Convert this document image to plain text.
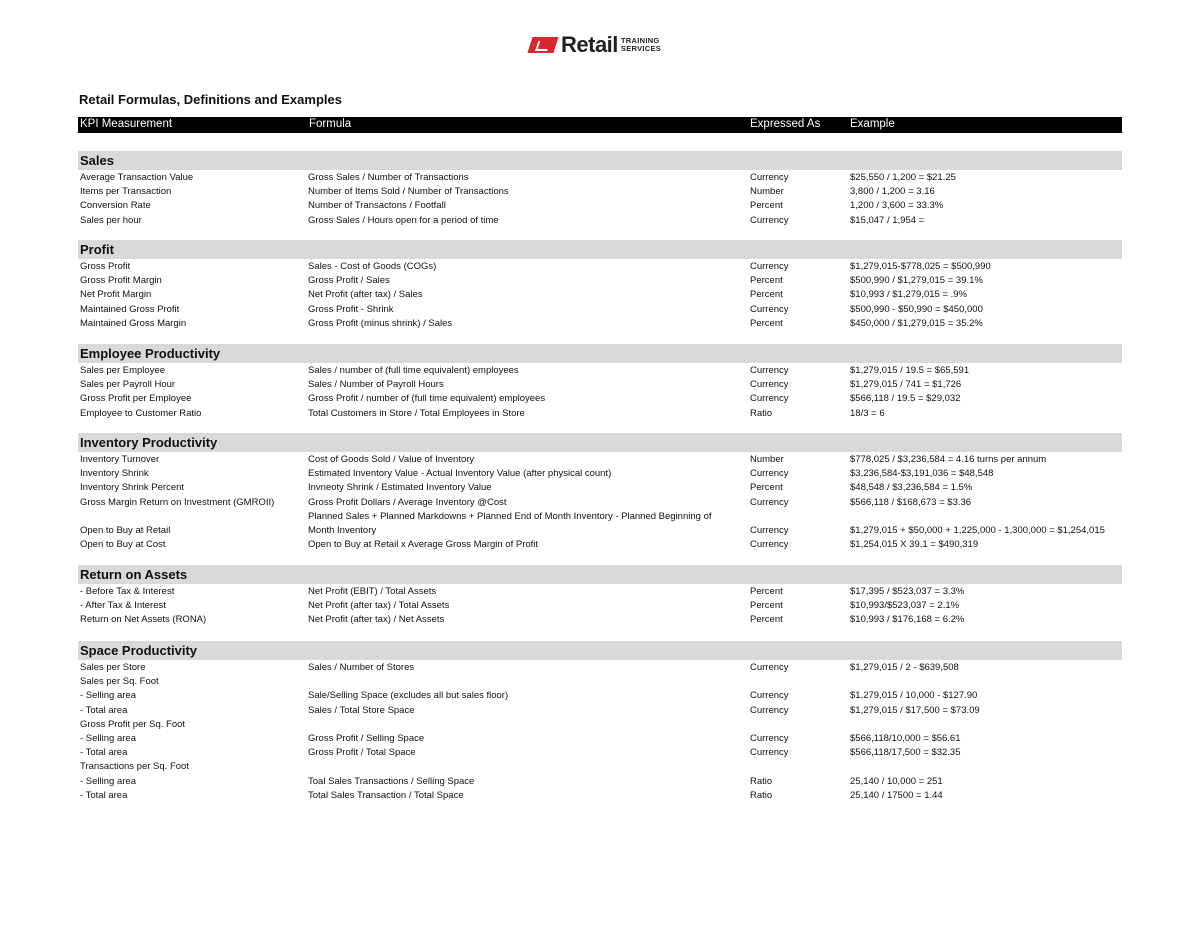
Retail TRAINING
SERVICES
Retail Formulas, Definitions and Examples
KPI Measurement	Formula	Expressed As	Example
Sales
Average Transaction Value	Gross Sales / Number of Transactions	Currency	$25,550 / 1,200 = $21.25
Items per Transaction	Number of Items Sold / Number of Transactions	Number	3,800 / 1,200 = 3.16
Conversion Rate	Number of Transactons / Footfall	Percent	1,200 / 3,600 = 33.3%
Sales per hour	Gross Sales / Hours open for a period of time	Currency	$15,047 / 1,954 =
Profit
Gross Profit	Sales - Cost of Goods (COGs)	Currency	$1,279,015-$778,025 = $500,990
Gross Profit Margin	Gross Profit / Sales	Percent	$500,990 / $1,279,015 = 39.1%
Net Profit Margin	Net Profit (after tax) / Sales	Percent	$10,993 / $1,279,015 = .9%
Maintained Gross Profit	Gross Profit - Shrink	Currency	$500,990 - $50,990 = $450,000
Maintained Gross Margin	Gross Profit (minus shrink) / Sales	Percent	$450,000 / $1,279,015 = 35.2%
Employee Productivity
Sales per Employee	Sales / number of (full time equivalent) employees	Currency	$1,279,015 / 19.5 = $65,591
Sales per Payroll Hour	Sales / Number of Payroll Hours	Currency	$1,279,015 / 741 = $1,726
Gross Profit per Employee	Gross Profit / number of (full time equivalent) employees	Currency	$566,118 / 19.5 = $29,032
Employee to Customer Ratio	Total Customers in Store / Total Employees in Store	Ratio	18/3 = 6
Inventory Productivity
Inventory Turnover	Cost of Goods Sold / Value of Inventory	Number	$778,025 / $3,236,584 = 4.16 turns per annum
Inventory Shrink	Estimated Inventory Value - Actual Inventory Value (after physical count)	Currency	$3,236,584-$3,191,036 = $48,548
Inventory Shrink Percent	Invneoty Shrink / Estimated Inventory Value	Percent	$48,548 / $3,236,584 = 1.5%
Gross Margin Return on Investment (GMROII)	Gross Profit Dollars / Average Inventory @Cost	Currency	$566,118 / $168,673 = $3.36
Planned Sales + Planned Markdowns + Planned End of Month Inventory - Planned Beginning of
Open to Buy at Retail	Month Inventory	Currency	$1,279,015 + $50,000 + 1,225,000 - 1,300,000 = $1,254,015
Open to Buy at Cost	Open to Buy at Retail x Average Gross Margin of Profit	Currency	$1,254,015 X 39.1 = $490,319
Return on Assets
- Before Tax & Interest	Net Profit (EBIT) / Total Assets	Percent	$17,395 / $523,037 = 3.3%
- After Tax & Interest	Net Profit (after tax) / Total Assets	Percent	$10,993/$523,037 = 2.1%
Return on Net Assets (RONA)	Net Profit (after tax) / Net Assets	Percent	$10,993 / $176,168 = 6.2%
Space Productivity
Sales per Store	Sales / Number of Stores	Currency	$1,279,015 / 2 - $639,508
Sales per Sq. Foot
- Selling area	Sale/Selling Space (excludes all but sales floor)	Currency	$1,279,015 / 10,000 - $127.90
- Total area	Sales / Total Store Space	Currency	$1,279,015 / $17,500 = $73.09
Gross Profit per Sq. Foot
- Selling area	Gross Profit / Selling Space	Currency	$566,118/10,000 = $56.61
- Total area	Gross Profit / Total Space	Currency	$566,118/17,500 = $32.35
Transactions per Sq. Foot
- Selling area	Toal Sales Transactions / Selling Space	Ratio	25,140 / 10,000 = 251
- Total area	Total Sales Transaction / Total Space	Ratio	25,140 / 17500 = 1.44
